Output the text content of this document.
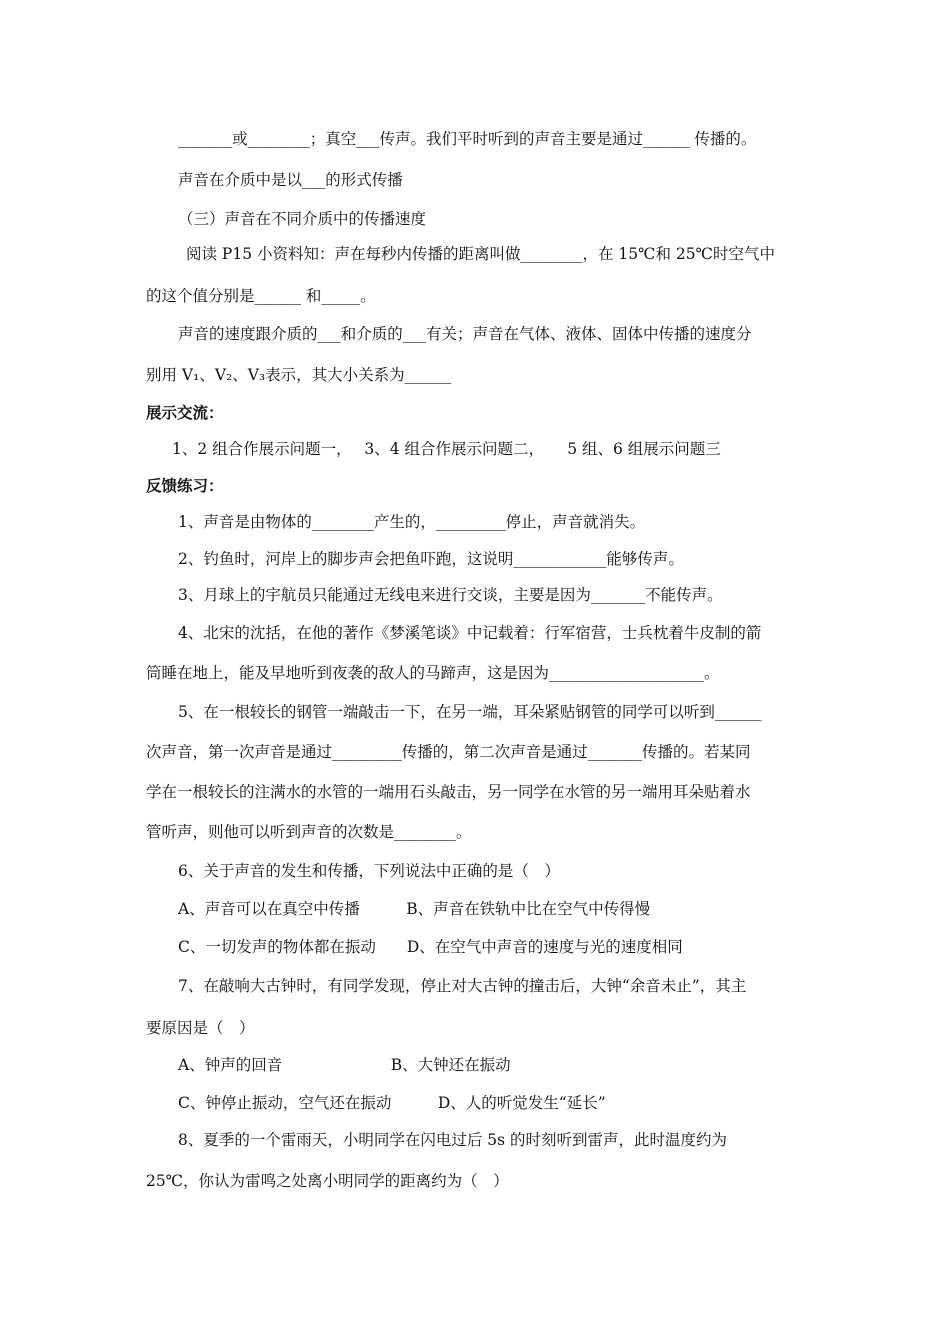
_______或________；真空___传声。我们平时听到的声音主要是通过______ 传播的。
声音在介质中是以___的形式传播
（三）声音在不同介质中的传播速度
阅读 P15 小资料知：声在每秒内传播的距离叫做________，在 15℃和 25℃时空气中
的这个值分别是______ 和_____。
声音的速度跟介质的___和介质的___有关；声音在气体、液体、固体中传播的速度分
别用 V₁、V₂、V₃表示，其大小关系为______
展示交流：
1、2 组合作展示问题一，　 3、4 组合作展示问题二，　　5 组、6 组展示问题三
反馈练习：
1、声音是由物体的________产生的，_________停止，声音就消失。
2、钓鱼时，河岸上的脚步声会把鱼吓跑，这说明____________能够传声。
3、月球上的宇航员只能通过无线电来进行交谈，主要是因为_______不能传声。
4、北宋的沈括，在他的著作《梦溪笔谈》中记载着：行军宿营，士兵枕着牛皮制的箭
筒睡在地上，能及早地听到夜袭的敌人的马蹄声，这是因为____________________。
5、在一根较长的钢管一端敲击一下，在另一端，耳朵紧贴钢管的同学可以听到______
次声音，第一次声音是通过_________传播的，第二次声音是通过_______传播的。若某同
学在一根较长的注满水的水管的一端用石头敲击，另一同学在水管的另一端用耳朵贴着水
管听声，则他可以听到声音的次数是________。
6、关于声音的发生和传播，下列说法中正确的是（　）
A、声音可以在真空中传播　　　B、声音在铁轨中比在空气中传得慢
C、一切发声的物体都在振动　　D、在空气中声音的速度与光的速度相同
7、在敲响大古钟时，有同学发现，停止对大古钟的撞击后，大钟“余音未止”，其主
要原因是（　）
A、钟声的回音　　　　　　　B、大钟还在振动
C、钟停止振动，空气还在振动　　　D、人的听觉发生“延长”
8、夏季的一个雷雨天，小明同学在闪电过后 5s 的时刻听到雷声，此时温度约为
25℃，你认为雷鸣之处离小明同学的距离约为（　）
